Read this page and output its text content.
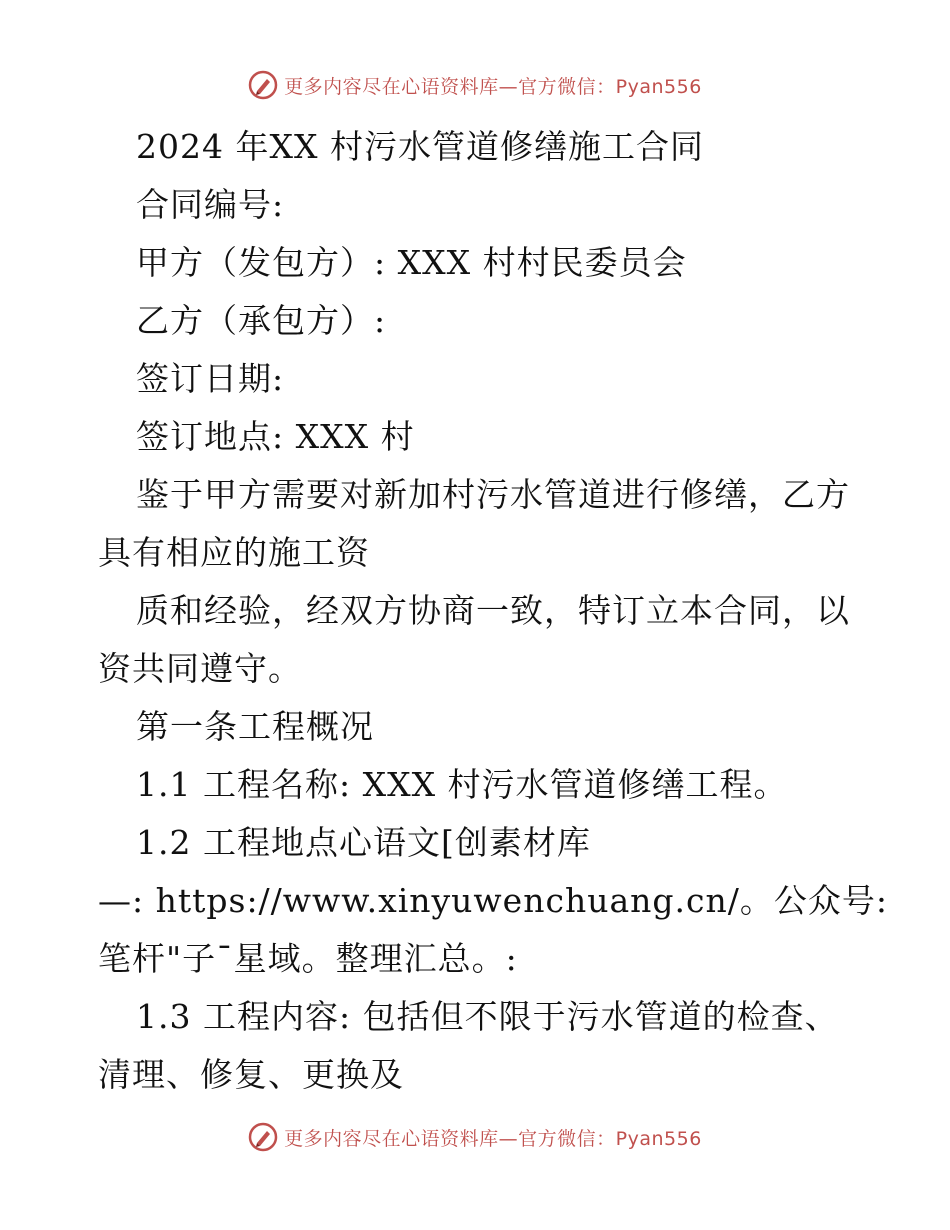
更多内容尽在心语资料库—官方微信：Pyan556
2024 年XX 村污水管道修缮施工合同
合同编号:
甲方（发包方）: XXX 村村民委员会
乙方（承包方）:
签订日期:
签订地点: XXX 村
鉴于甲方需要对新加村污水管道进行修缮，乙方
具有相应的施工资
质和经验，经双方协商一致，特订立本合同，以
资共同遵守。
第一条工程概况
1.1 工程名称: XXX 村污水管道修缮工程。
1.2 工程地点心语文[创素材库
—: https://www.xinyuwenchuang.cn/。公众号:
笔杆"子¯星域。整理汇总。:
1.3 工程内容: 包括但不限于污水管道的检查、
清理、修复、更换及
更多内容尽在心语资料库—官方微信：Pyan556
